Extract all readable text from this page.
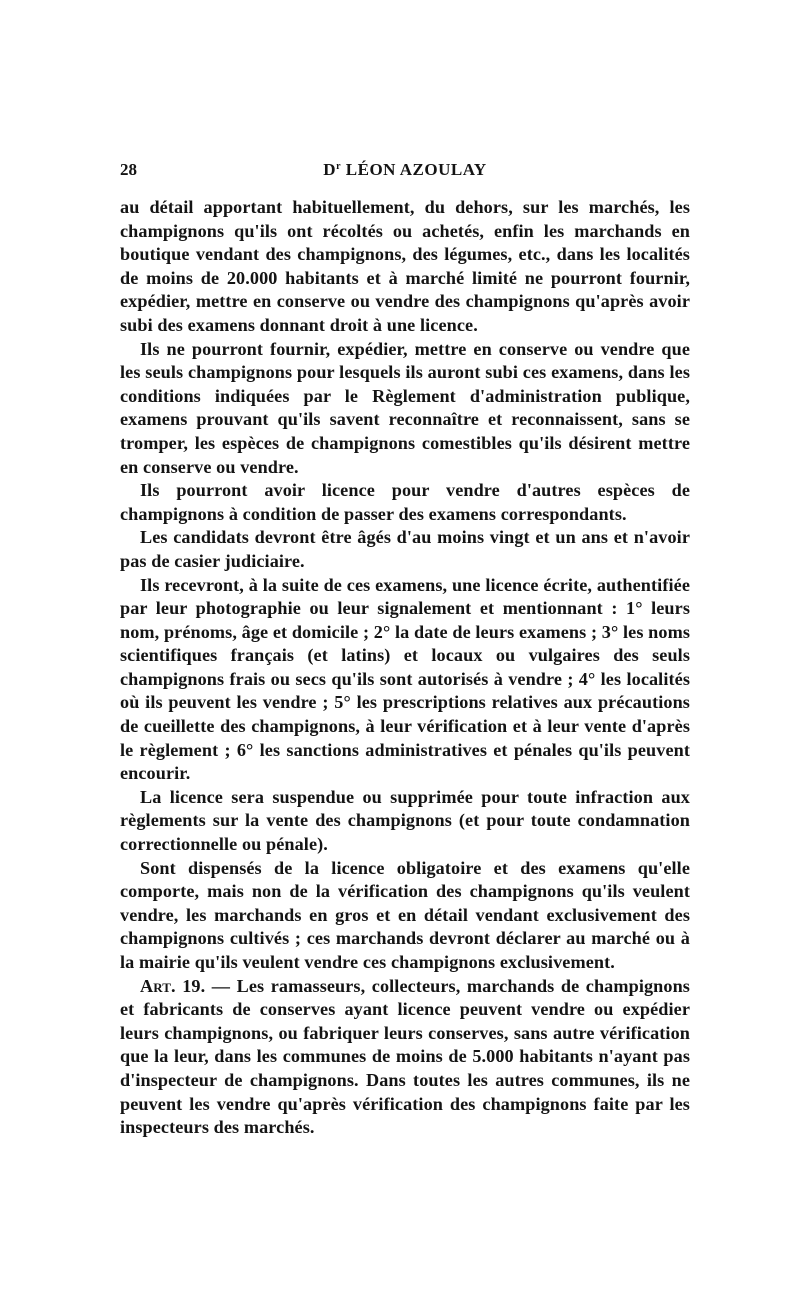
28	$D^r$ LÉON AZOULAY

au détail apportant habituellement, du dehors, sur les marchés, les champignons qu'ils ont récoltés ou achetés, enfin les marchands en boutique vendant des champignons, des légumes, etc., dans les localités de moins de 20.000 habitants et à marché limité ne pourront fournir, expédier, mettre en conserve ou vendre des champignons qu'après avoir subi des examens donnant droit à une licence.

Ils ne pourront fournir, expédier, mettre en conserve ou vendre que les seuls champignons pour lesquels ils auront subi ces examens, dans les conditions indiquées par le Règlement d'administration publique, examens prouvant qu'ils savent reconnaître et reconnaissent, sans se tromper, les espèces de champignons comestibles qu'ils désirent mettre en conserve ou vendre.

Ils pourront avoir licence pour vendre d'autres espèces de champignons à condition de passer des examens correspondants.

Les candidats devront être âgés d'au moins vingt et un ans et n'avoir pas de casier judiciaire.

Ils recevront, à la suite de ces examens, une licence écrite, authentifiée par leur photographie ou leur signalement et mentionnant : 1° leurs nom, prénoms, âge et domicile ; 2° la date de leurs examens ; 3° les noms scientifiques français (et latins) et locaux ou vulgaires des seuls champignons frais ou secs qu'ils sont autorisés à vendre ; 4° les localités où ils peuvent les vendre ; 5° les prescriptions relatives aux précautions de cueillette des champignons, à leur vérification et à leur vente d'après le règlement ; 6° les sanctions administratives et pénales qu'ils peuvent encourir.

La licence sera suspendue ou supprimée pour toute infraction aux règlements sur la vente des champignons (et pour toute condamnation correctionnelle ou pénale).

Sont dispensés de la licence obligatoire et des examens qu'elle comporte, mais non de la vérification des champignons qu'ils veulent vendre, les marchands en gros et en détail vendant exclusivement des champignons cultivés ; ces marchands devront déclarer au marché ou à la mairie qu'ils veulent vendre ces champignons exclusivement.

Art. 19. — Les ramasseurs, collecteurs, marchands de champignons et fabricants de conserves ayant licence peuvent vendre ou expédier leurs champignons, ou fabriquer leurs conserves, sans autre vérification que la leur, dans les communes de moins de 5.000 habitants n'ayant pas d'inspecteur de champignons. Dans toutes les autres communes, ils ne peuvent les vendre qu'après vérification des champignons faite par les inspecteurs des marchés.
